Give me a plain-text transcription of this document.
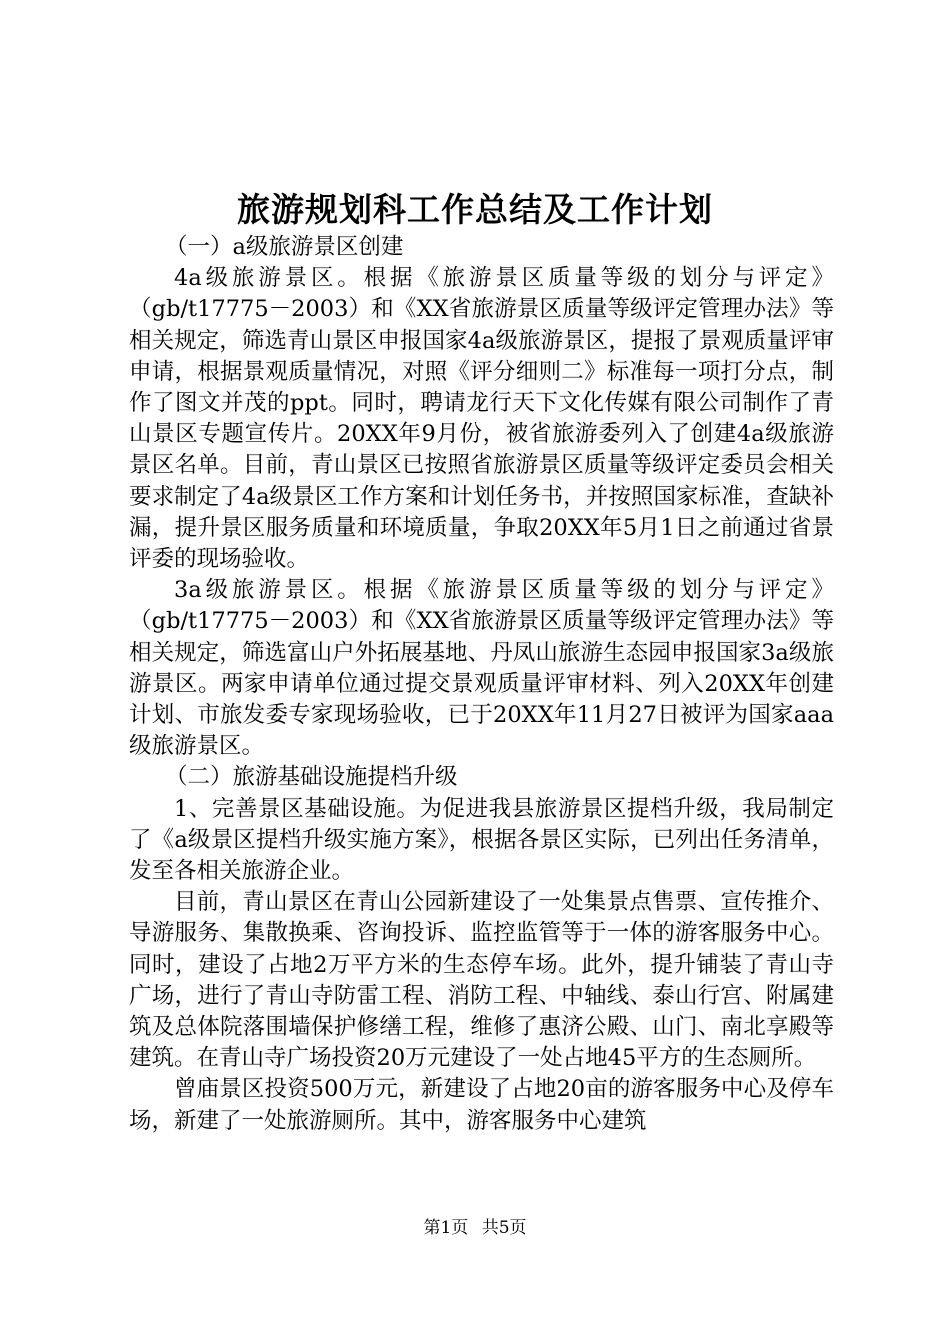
旅游规划科工作总结及工作计划

（一）a级旅游景区创建

4a级旅游景区。根据《旅游景区质量等级的划分与评定》（gb/t17775－2003）和《XX省旅游景区质量等级评定管理办法》等相关规定，筛选青山景区申报国家4a级旅游景区，提报了景观质量评审申请，根据景观质量情况，对照《评分细则二》标准每一项打分点，制作了图文并茂的ppt。同时，聘请龙行天下文化传媒有限公司制作了青山景区专题宣传片。20XX年9月份，被省旅游委列入了创建4a级旅游景区名单。目前，青山景区已按照省旅游景区质量等级评定委员会相关要求制定了4a级景区工作方案和计划任务书，并按照国家标准，查缺补漏，提升景区服务质量和环境质量，争取20XX年5月1日之前通过省景评委的现场验收。

3a级旅游景区。根据《旅游景区质量等级的划分与评定》（gb/t17775－2003）和《XX省旅游景区质量等级评定管理办法》等相关规定，筛选富山户外拓展基地、丹凤山旅游生态园申报国家3a级旅游景区。两家申请单位通过提交景观质量评审材料、列入20XX年创建计划、市旅发委专家现场验收，已于20XX年11月27日被评为国家aaa级旅游景区。

（二）旅游基础设施提档升级

1、完善景区基础设施。为促进我县旅游景区提档升级，我局制定了《a级景区提档升级实施方案》，根据各景区实际，已列出任务清单，发至各相关旅游企业。

目前，青山景区在青山公园新建设了一处集景点售票、宣传推介、导游服务、集散换乘、咨询投诉、监控监管等于一体的游客服务中心。同时，建设了占地2万平方米的生态停车场。此外，提升铺装了青山寺广场，进行了青山寺防雷工程、消防工程、中轴线、泰山行宫、附属建筑及总体院落围墙保护修缮工程，维修了惠济公殿、山门、南北享殿等建筑。在青山寺广场投资20万元建设了一处占地45平方的生态厕所。

曾庙景区投资500万元，新建设了占地20亩的游客服务中心及停车场，新建了一处旅游厕所。其中，游客服务中心建筑

第1页 共5页
